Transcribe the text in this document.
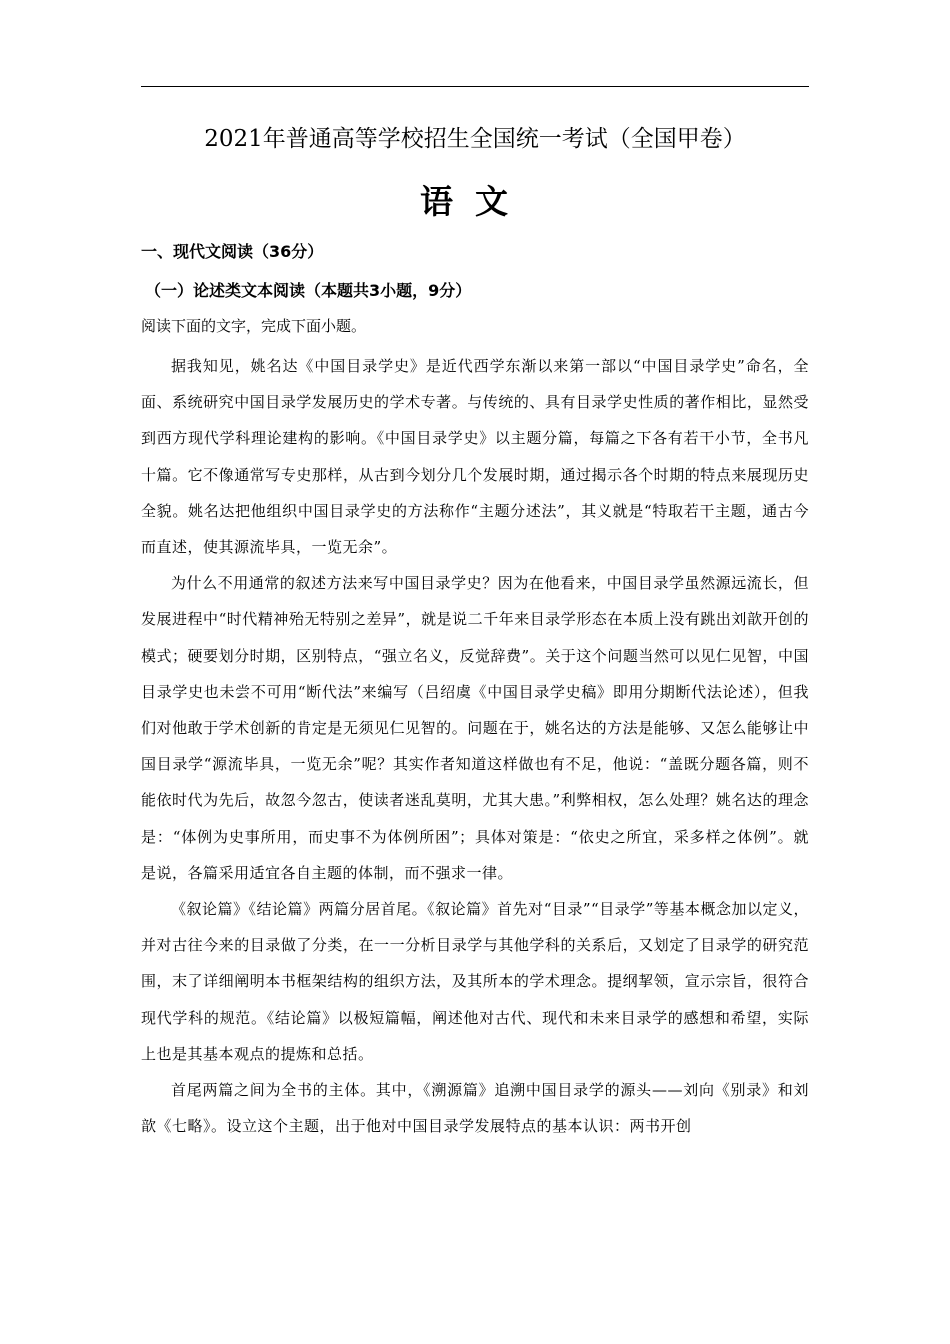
2021年普通高等学校招生全国统一考试（全国甲卷）
语文
一、现代文阅读（36分）
（一）论述类文本阅读（本题共3小题，9分）
阅读下面的文字，完成下面小题。

据我知见，姚名达《中国目录学史》是近代西学东渐以来第一部以“中国目录学史”命名，全面、系统研究中国目录学发展历史的学术专著。与传统的、具有目录学史性质的著作相比，显然受到西方现代学科理论建构的影响。《中国目录学史》以主题分篇，每篇之下各有若干小节，全书凡十篇。它不像通常写专史那样，从古到今划分几个发展时期，通过揭示各个时期的特点来展现历史全貌。姚名达把他组织中国目录学史的方法称作“主题分述法”，其义就是“特取若干主题，通古今而直述，使其源流毕具，一览无余”。

为什么不用通常的叙述方法来写中国目录学史？因为在他看来，中国目录学虽然源远流长，但发展进程中“时代精神殆无特别之差异”，就是说二千年来目录学形态在本质上没有跳出刘歆开创的模式；硬要划分时期，区别特点，“强立名义，反觉辞费”。关于这个问题当然可以见仁见智，中国目录学史也未尝不可用“断代法”来编写（吕绍虞《中国目录学史稿》即用分期断代法论述），但我们对他敢于学术创新的肯定是无须见仁见智的。问题在于，姚名达的方法是能够、又怎么能够让中国目录学“源流毕具，一览无余”呢？其实作者知道这样做也有不足，他说：“盖既分题各篇，则不能依时代为先后，故忽今忽古，使读者迷乱莫明，尤其大患。”利弊相权，怎么处理？姚名达的理念是：“体例为史事所用，而史事不为体例所困”；具体对策是：“依史之所宜，采多样之体例”。就是说，各篇采用适宜各自主题的体制，而不强求一律。

《叙论篇》《结论篇》两篇分居首尾。《叙论篇》首先对“目录”“目录学”等基本概念加以定义，并对古往今来的目录做了分类，在一一分析目录学与其他学科的关系后，又划定了目录学的研究范围，末了详细阐明本书框架结构的组织方法，及其所本的学术理念。提纲挈领，宣示宗旨，很符合现代学科的规范。《结论篇》以极短篇幅，阐述他对古代、现代和未来目录学的感想和希望，实际上也是其基本观点的提炼和总括。

首尾两篇之间为全书的主体。其中，《溯源篇》追溯中国目录学的源头——刘向《别录》和刘歆《七略》。设立这个主题，出于他对中国目录学发展特点的基本认识：两书开创
